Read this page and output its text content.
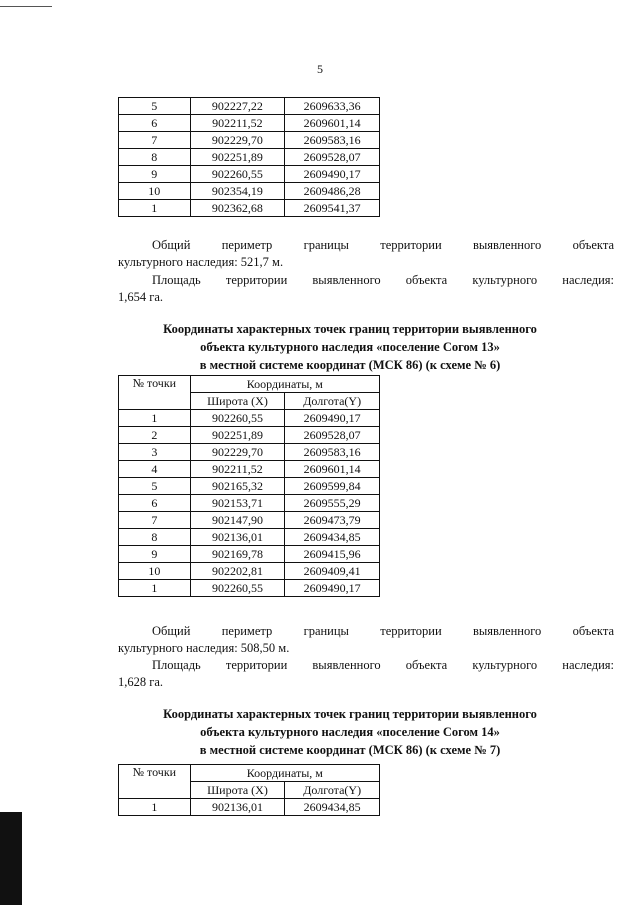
5
5	902227,22	2609633,36
6	902211,52	2609601,14
7	902229,70	2609583,16
8	902251,89	2609528,07
9	902260,55	2609490,17
10	902354,19	2609486,28
1	902362,68	2609541,37
Общий периметр границы территории выявленного объекта
культурного наследия: 521,7 м.
Площадь территории выявленного объекта культурного наследия:
1,654 га.
Координаты характерных точек границ территории выявленного
объекта культурного наследия «поселение Согом 13»
в местной системе координат (МСК 86) (к схеме № 6)
№ точки	Координаты, м	
	Широта (X)	Долгота(Y)
1	902260,55	2609490,17
2	902251,89	2609528,07
3	902229,70	2609583,16
4	902211,52	2609601,14
5	902165,32	2609599,84
6	902153,71	2609555,29
7	902147,90	2609473,79
8	902136,01	2609434,85
9	902169,78	2609415,96
10	902202,81	2609409,41
1	902260,55	2609490,17
Общий периметр границы территории выявленного объекта
культурного наследия: 508,50 м.
Площадь территории выявленного объекта культурного наследия:
1,628 га.
Координаты характерных точек границ территории выявленного
объекта культурного наследия «поселение Согом 14»
в местной системе координат (МСК 86) (к схеме № 7)
№ точки	Координаты, м	
	Широта (X)	Долгота(Y)
1	902136,01	2609434,85
